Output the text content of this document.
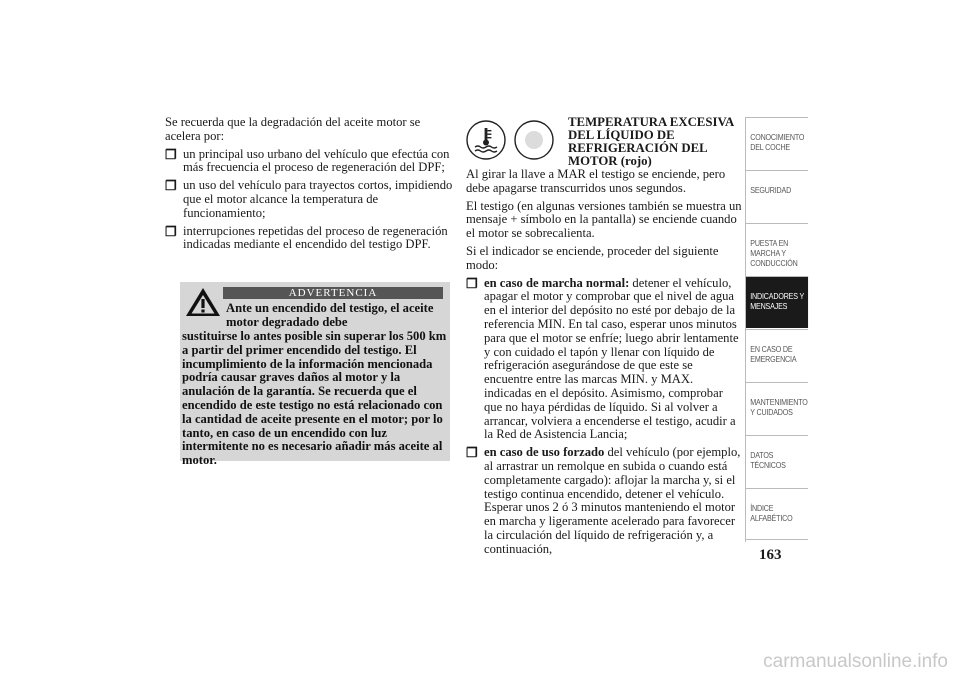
Se recuerda que la degradación del aceite motor se acelera por:

❐ un principal uso urbano del vehículo que efectúa con más frecuencia el proceso de regeneración del DPF;
❐ un uso del vehículo para trayectos cortos, impidiendo que el motor alcance la temperatura de funcionamiento;
❐ interrupciones repetidas del proceso de regeneración indicadas mediante el encendido del testigo DPF.
ADVERTENCIA
Ante un encendido del testigo, el aceite motor degradado debe
sustituirse lo antes posible sin superar los 500 km a partir del primer encendido del testigo. El incumplimiento de la información mencionada podría causar graves daños al motor y la anulación de la garantía. Se recuerda que el encendido de este testigo no está relacionado con la cantidad de aceite presente en el motor; por lo tanto, en caso de un encendido con luz intermitente no es necesario añadir más aceite al motor.
TEMPERATURA EXCESIVA DEL LÍQUIDO DE REFRIGERACIÓN DEL MOTOR (rojo)

Al girar la llave a MAR el testigo se enciende, pero debe apagarse transcurridos unos segundos.

El testigo (en algunas versiones también se muestra un mensaje + símbolo en la pantalla) se enciende cuando el motor se sobrecalienta.

Si el indicador se enciende, proceder del siguiente modo:

❐ en caso de marcha normal: detener el vehículo, apagar el motor y comprobar que el nivel de agua en el interior del depósito no esté por debajo de la referencia MIN. En tal caso, esperar unos minutos para que el motor se enfríe; luego abrir lentamente y con cuidado el tapón y llenar con líquido de refrigeración asegurándose de que este se encuentre entre las marcas MIN. y MAX. indicadas en el depósito. Asimismo, comprobar que no haya pérdidas de líquido. Si al volver a arrancar, volviera a encenderse el testigo, acudir a la Red de Asistencia Lancia;
❐ en caso de uso forzado del vehículo (por ejemplo, al arrastrar un remolque en subida o cuando está completamente cargado): aflojar la marcha y, si el testigo continua encendido, detener el vehículo. Esperar unos 2 ó 3 minutos manteniendo el motor en marcha y ligeramente acelerado para favorecer la circulación del líquido de refrigeración y, a continuación,
CONOCIMIENTO DEL COCHE
SEGURIDAD
PUESTA EN MARCHA Y CONDUCCIÓN
INDICADORES Y MENSAJES
EN CASO DE EMERGENCIA
MANTENIMIENTO Y CUIDADOS
DATOS TÉCNICOS
ÍNDICE ALFABÉTICO
163
carmanualsonline.info
